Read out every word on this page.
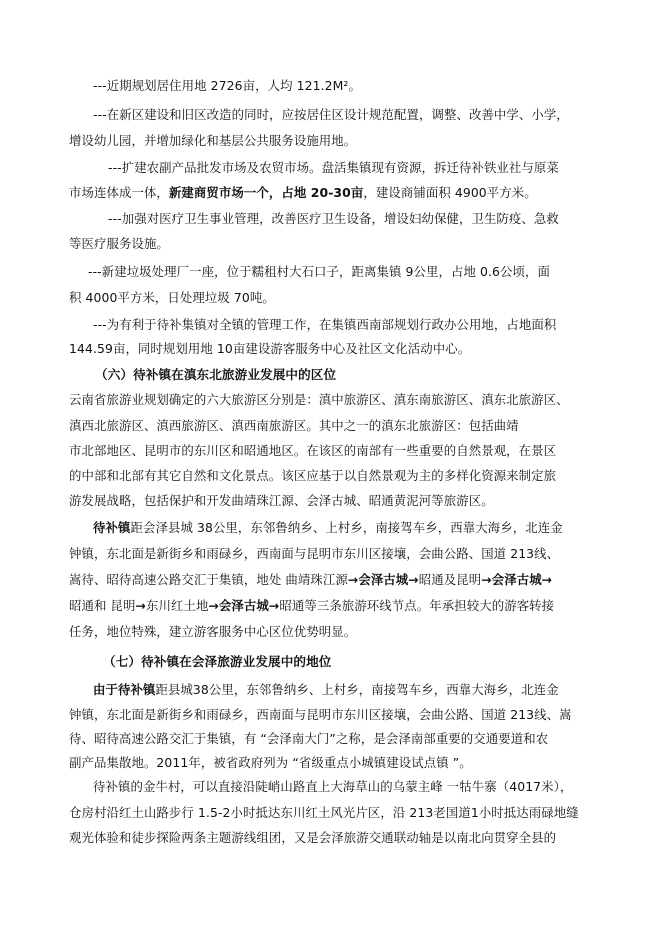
---近期规划居住用地 2726亩，人均 121.2M²。
---在新区建设和旧区改造的同时，应按居住区设计规范配置，调整、改善中学、小学，
增设幼儿园，并增加绿化和基层公共服务设施用地。
---扩建农副产品批发市场及农贸市场。盘活集镇现有资源，拆迁待补铁业社与原菜
市场连体成一体，新建商贸市场一个，占地 20-30亩，建设商铺面积 4900平方米。
---加强对医疗卫生事业管理，改善医疗卫生设备，增设妇幼保健，卫生防疫、急救
等医疗服务设施。
---新建垃圾处理厂一座，位于糯租村大石口子，距离集镇 9公里，占地 0.6公顷，面
积 4000平方米，日处理垃圾 70吨。
---为有利于待补集镇对全镇的管理工作，在集镇西南部规划行政办公用地，占地面积
144.59亩，同时规划用地 10亩建设游客服务中心及社区文化活动中心。
（六）待补镇在滇东北旅游业发展中的区位
云南省旅游业规划确定的六大旅游区分别是：滇中旅游区、滇东南旅游区、滇东北旅游区、
滇西北旅游区、滇西旅游区、滇西南旅游区。其中之一的滇东北旅游区：包括曲靖
市北部地区、昆明市的东川区和昭通地区。在该区的南部有一些重要的自然景观，在景区
的中部和北部有其它自然和文化景点。该区应基于以自然景观为主的多样化资源来制定旅
游发展战略，包括保护和开发曲靖珠江源、会泽古城、昭通黄泥河等旅游区。
待补镇距会泽县城 38公里，东邻鲁纳乡、上村乡，南接驾车乡，西靠大海乡，北连金
钟镇，东北面是新街乡和雨碌乡，西南面与昆明市东川区接壤，会曲公路、国道 213线、
嵩待、昭待高速公路交汇于集镇，地处 曲靖珠江源→会泽古城→昭通及昆明→会泽古城→
昭通和 昆明→东川红土地→会泽古城→昭通等三条旅游环线节点。年承担较大的游客转接
任务，地位特殊，建立游客服务中心区位优势明显。
（七）待补镇在会泽旅游业发展中的地位
由于待补镇距县城38公里，东邻鲁纳乡、上村乡，南接驾车乡，西靠大海乡，北连金
钟镇，东北面是新街乡和雨碌乡，西南面与昆明市东川区接壤，会曲公路、国道 213线、嵩
待、昭待高速公路交汇于集镇，有 “会泽南大门”之称，是会泽南部重要的交通要道和农
副产品集散地。2011年，被省政府列为 “省级重点小城镇建设试点镇 ”。
待补镇的金牛村，可以直接沿陡峭山路直上大海草山的乌蒙主峰 一牯牛寨（4017米），
仓房村沿红土山路步行 1.5-2小时抵达东川红土风光片区，沿 213老国道1小时抵达雨碌地缝
观光体验和徒步探险两条主题游线组团，又是会泽旅游交通联动轴是以南北向贯穿全县的
